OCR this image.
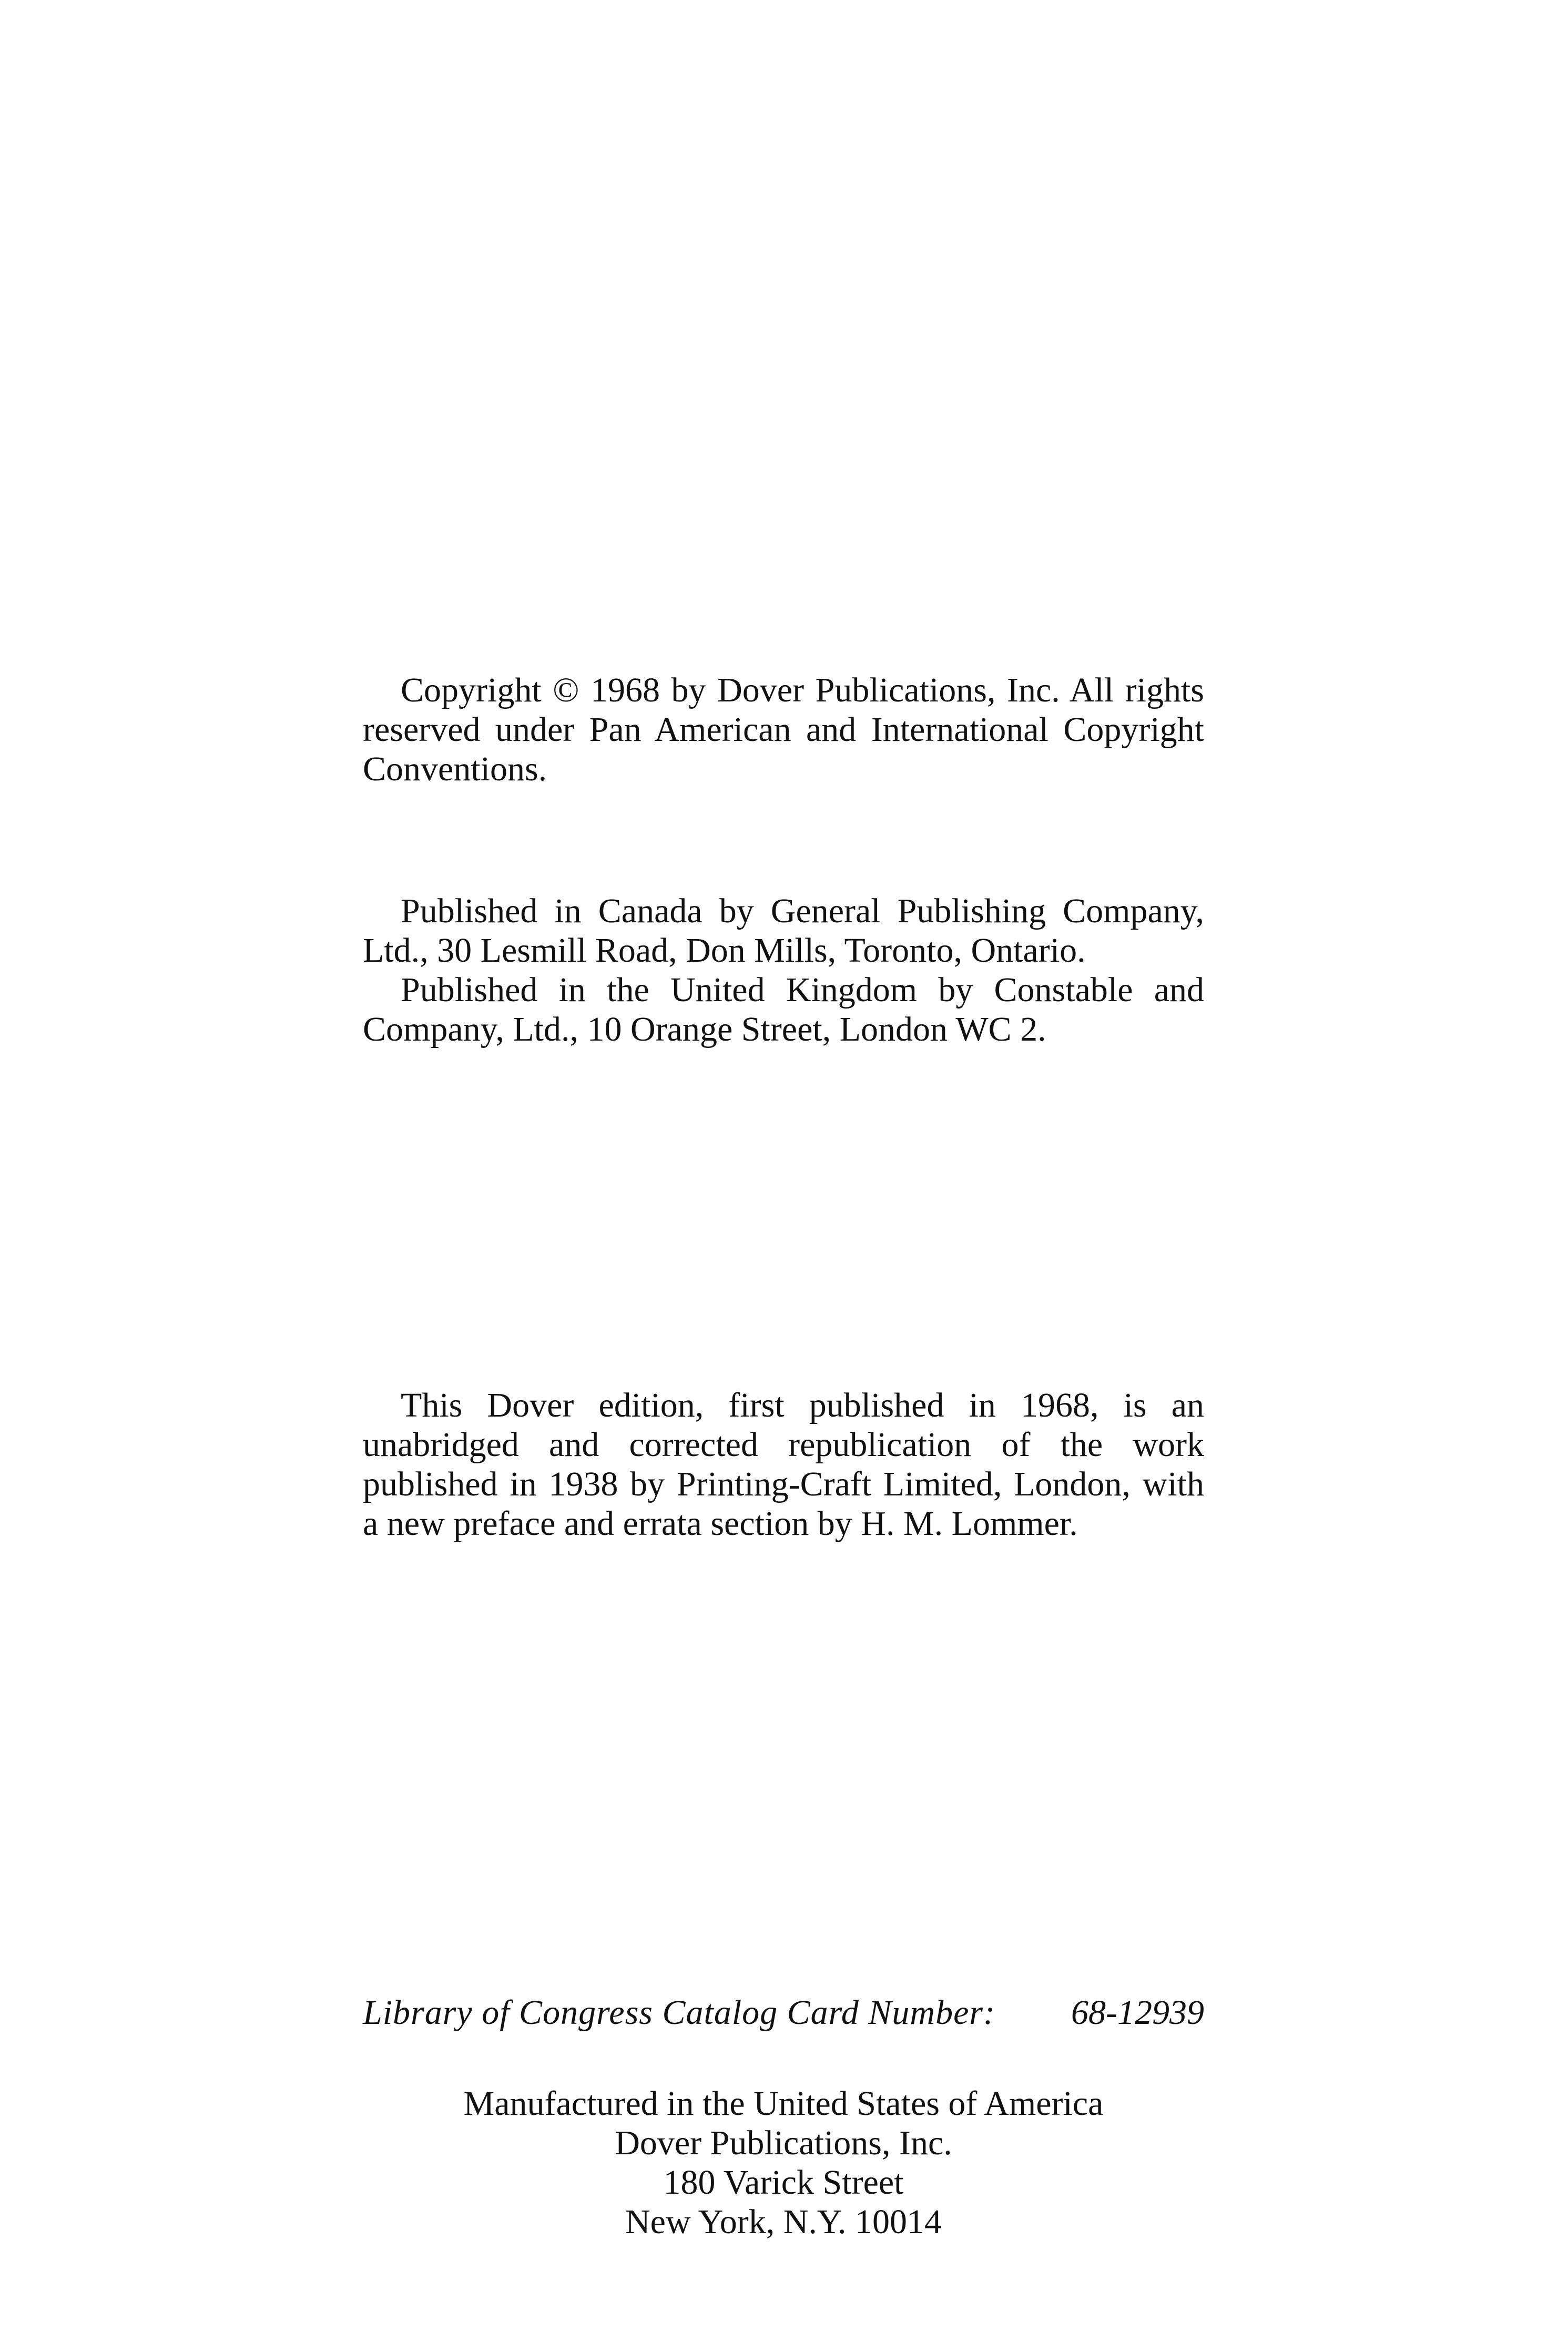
Copyright © 1968 by Dover Publications, Inc. All rights reserved under Pan American and International Copyright Conventions.

Published in Canada by General Publishing Company, Ltd., 30 Lesmill Road, Don Mills, Toronto, Ontario.

Published in the United Kingdom by Constable and Company, Ltd., 10 Orange Street, London WC 2.

This Dover edition, first published in 1968, is an unabridged and corrected republication of the work published in 1938 by Printing-Craft Limited, London, with a new preface and errata section by H. M. Lommer.

Library of Congress Catalog Card Number: 68-12939
Manufactured in the United States of America
Dover Publications, Inc.
180 Varick Street
New York, N.Y. 10014
